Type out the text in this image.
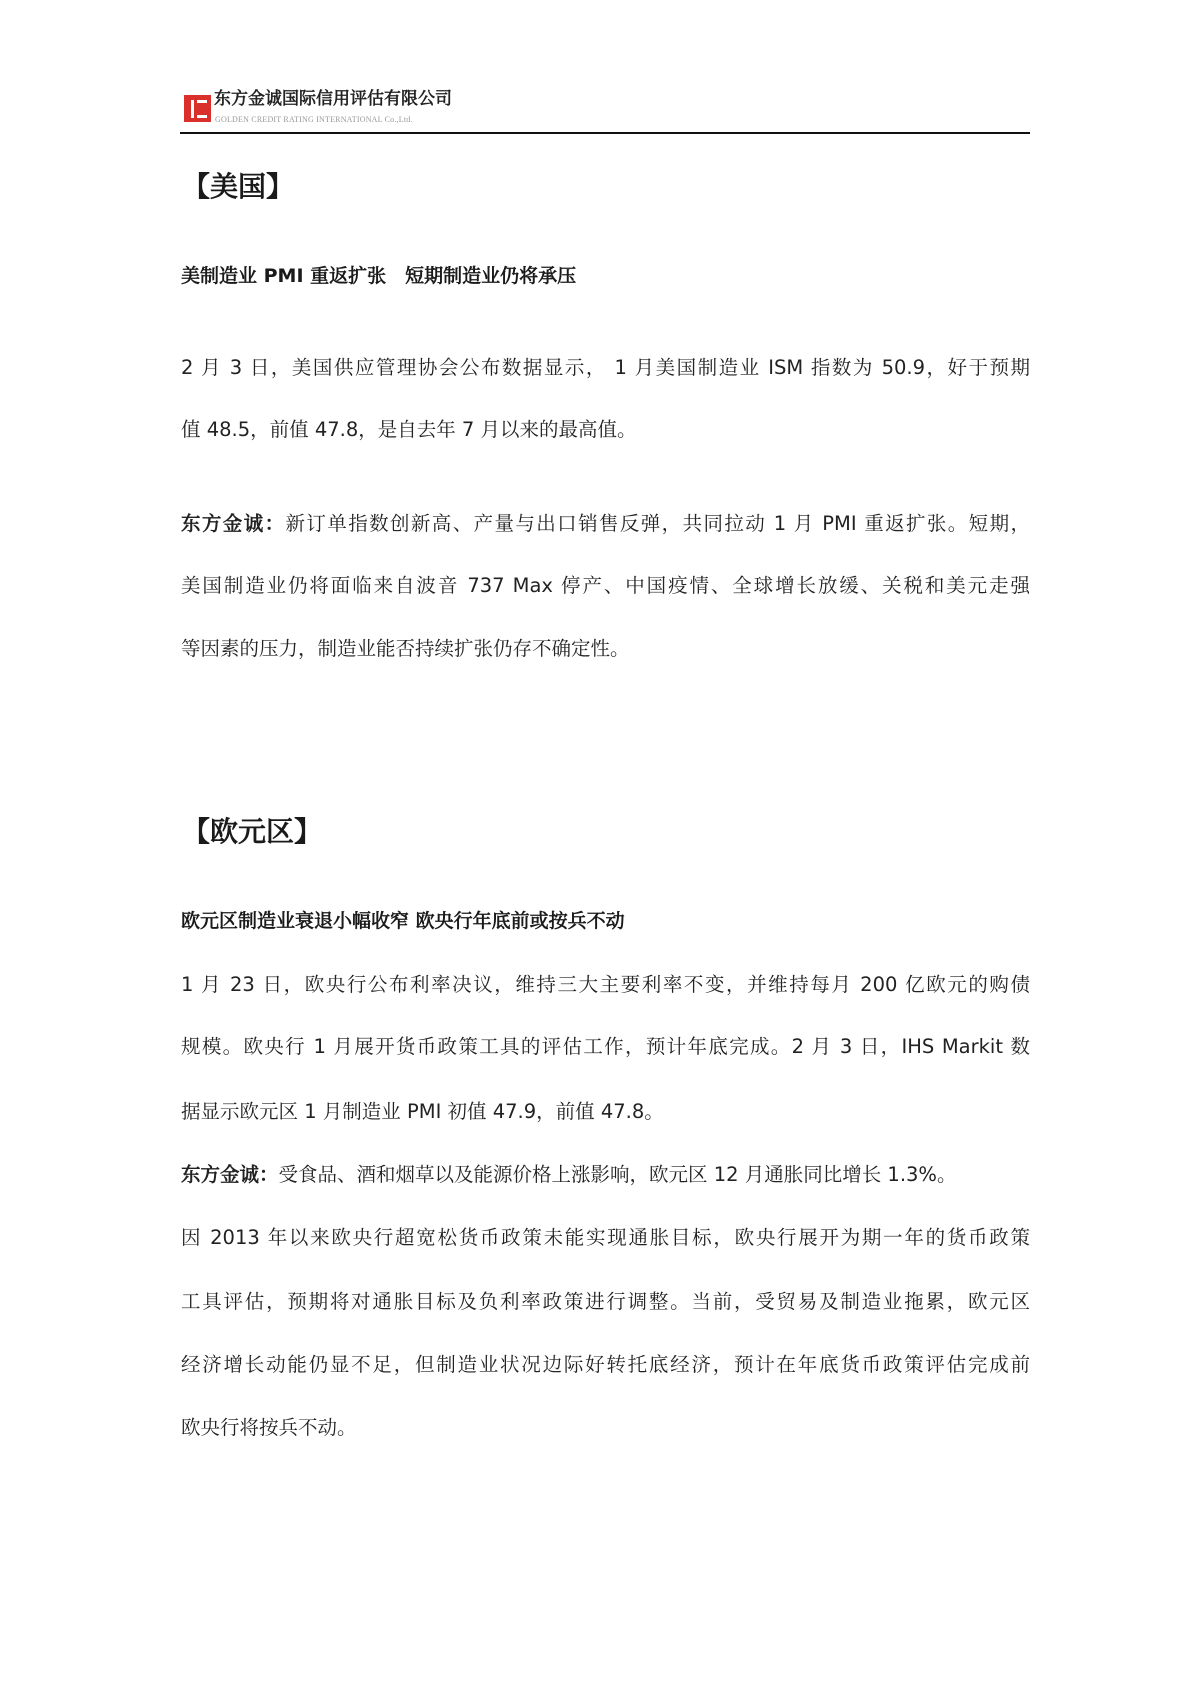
东方金诚国际信用评估有限公司
GOLDEN CREDIT RATING INTERNATIONAL Co.,Ltd.
【美国】
美制造业 PMI 重返扩张　短期制造业仍将承压
2 月 3 日，美国供应管理协会公布数据显示， 1 月美国制造业 ISM 指数为 50.9，好于预期
值 48.5，前值 47.8，是自去年 7 月以来的最高值。
东方金诚：新订单指数创新高、产量与出口销售反弹，共同拉动 1 月 PMI 重返扩张。短期，
美国制造业仍将面临来自波音 737 Max 停产、中国疫情、全球增长放缓、关税和美元走强
等因素的压力，制造业能否持续扩张仍存不确定性。
【欧元区】
欧元区制造业衰退小幅收窄 欧央行年底前或按兵不动
1 月 23 日，欧央行公布利率决议，维持三大主要利率不变，并维持每月 200 亿欧元的购债
规模。欧央行 1 月展开货币政策工具的评估工作，预计年底完成。2 月 3 日，IHS Markit 数
据显示欧元区 1 月制造业 PMI 初值 47.9，前值 47.8。
东方金诚：受食品、酒和烟草以及能源价格上涨影响，欧元区 12 月通胀同比增长 1.3%。
因 2013 年以来欧央行超宽松货币政策未能实现通胀目标，欧央行展开为期一年的货币政策
工具评估，预期将对通胀目标及负利率政策进行调整。当前，受贸易及制造业拖累，欧元区
经济增长动能仍显不足，但制造业状况边际好转托底经济，预计在年底货币政策评估完成前
欧央行将按兵不动。
